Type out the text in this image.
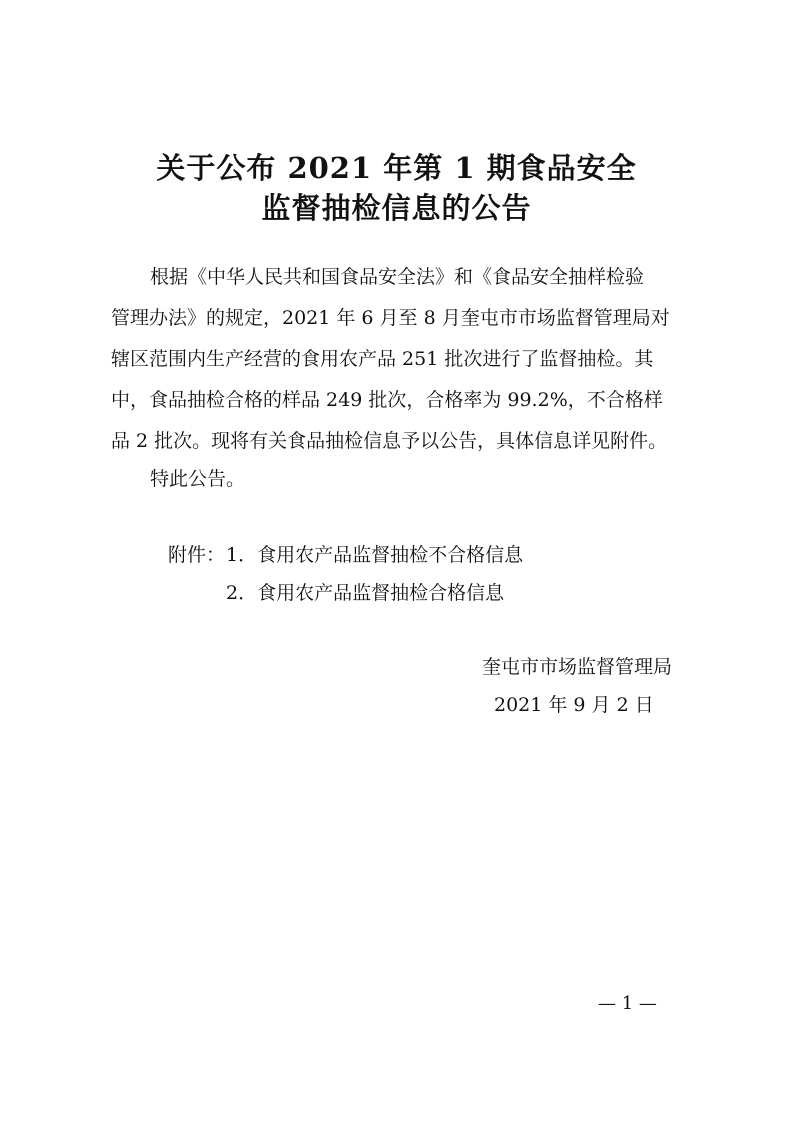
关于公布 2021 年第 1 期食品安全
监督抽检信息的公告
根据《中华人民共和国食品安全法》和《食品安全抽样检验
管理办法》的规定，2021 年 6 月至 8 月奎屯市市场监督管理局对
辖区范围内生产经营的食用农产品 251 批次进行了监督抽检。其
中，食品抽检合格的样品 249 批次，合格率为 99.2%，不合格样
品 2 批次。现将有关食品抽检信息予以公告，具体信息详见附件。
特此公告。
附件： 1．食用农产品监督抽检不合格信息
2．食用农产品监督抽检合格信息
奎屯市市场监督管理局
2021 年 9 月 2 日
— 1 —
